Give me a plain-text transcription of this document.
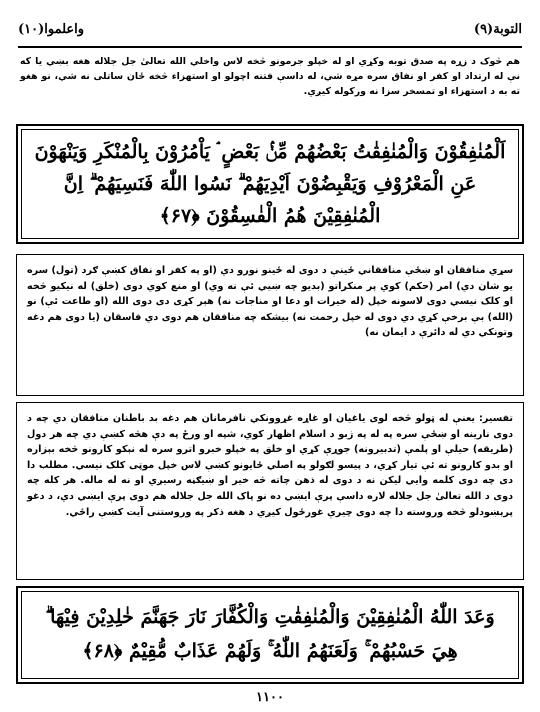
واعلموا(۱۰)	التوبة(۹)
هم څوک د زړه په صدق توبه وکړي او له خپلو جرمونو څخه لاس واخلي الله تعالیٰ جل جلاله هغه بښي یا که نې له ارتداد او کفر او نفاق سره مړه شي، له داسې فتنه اچولو او استهزاء څخه ځان ساتلی نه شي، نو هغو ته به د استهزاء او تمسخر سزا نه ورکوله کیږي.
اَلْمُنٰفِقُوْنَ وَالْمُنٰفِقٰتُ بَعْضُهُمْ مِّنْۢ بَعْضٍ ۘ يَاْمُرُوْنَ بِالْمُنْكَرِ وَيَنْهَوْنَ عَنِ الْمَعْرُوْفِ وَيَقْبِضُوْنَ اَيْدِيَهُمْ ۗ نَسُوا اللّٰهَ فَنَسِيَهُمْ ۗ اِنَّ الْمُنٰفِقِيْنَ هُمُ الْفٰسِقُوْنَ ﴿۶۷﴾
سړي منافقان او ښځې منافقاني ځینې د دوی له ځینو نورو دي (او په کفر او نفاق کښې ګرد (تول) سره یو شان دي) امر (حکم) کوي پر منکراتو (بدیو چه ښيي ئې نه وي) او منع کوي دوی (خلق) له نیکیو څخه او کلک نیسي دوی لاسونه خپل (له خیرات او دعا او مناجات نه) هېر کړی دی دوی الله (او طاعت ئې) نو (الله) بې برخې کړي دي دوی له خپل رحمت نه) بیشکه چه منافقان هم دوی دي فاسقان (یا دوی هم دغه وتونکي دي له دائرې د ایمان نه)
تفسیر: یعنې له ټولو څخه لوی یاغیان او غاړه غړوونکي نافرمانان هم دغه بد باطنان منافقان دي چه د دوی نارینه او ښځې سره په له په ژبو د اسلام اظهار کوي، شپه او ورځ په دې هڅه کښې دي چه هر دول (طریقه) حیلې او پلمې (تدبیرونه) جوړې کړي او خلق په خپلو خبرو اترو سره له نېکو کارونو څخه بېزاره او بدو کارونو ته ئې تیار کړي، د پیسو لګولو په اصلي ځایونو کښې لاس خپل موټی کلک نیسي. مطلب دا دی چه دوی کلمه وایي لیکن نه د دوی له ذهن چاته څه خیر او ښیګڼه رسیږي او نه له ماله. هر کله چه دوی د الله تعالیٰ جل جلاله لاره داسې پرې ایښي ده نو پاک الله جل جلاله هم دوی پرې ایښي دي، د دغو پرېښودلو څخه وروسته دا چه دوی چیرې غورځول کیږي د هغه ذکر په وروستنی آیت کښې راځي.
وَعَدَ اللّٰهُ الْمُنٰفِقِيْنَ وَالْمُنٰفِقٰتِ وَالْكُفَّارَ نَارَ جَهَنَّمَ خٰلِدِيْنَ فِيْهَا ۗ هِيَ حَسْبُهُمْ ۚ وَلَعَنَهُمُ اللّٰهُ ۚ وَلَهُمْ عَذَابٌ مُّقِيْمٌ ﴿۶۸﴾
۱۱۰۰
